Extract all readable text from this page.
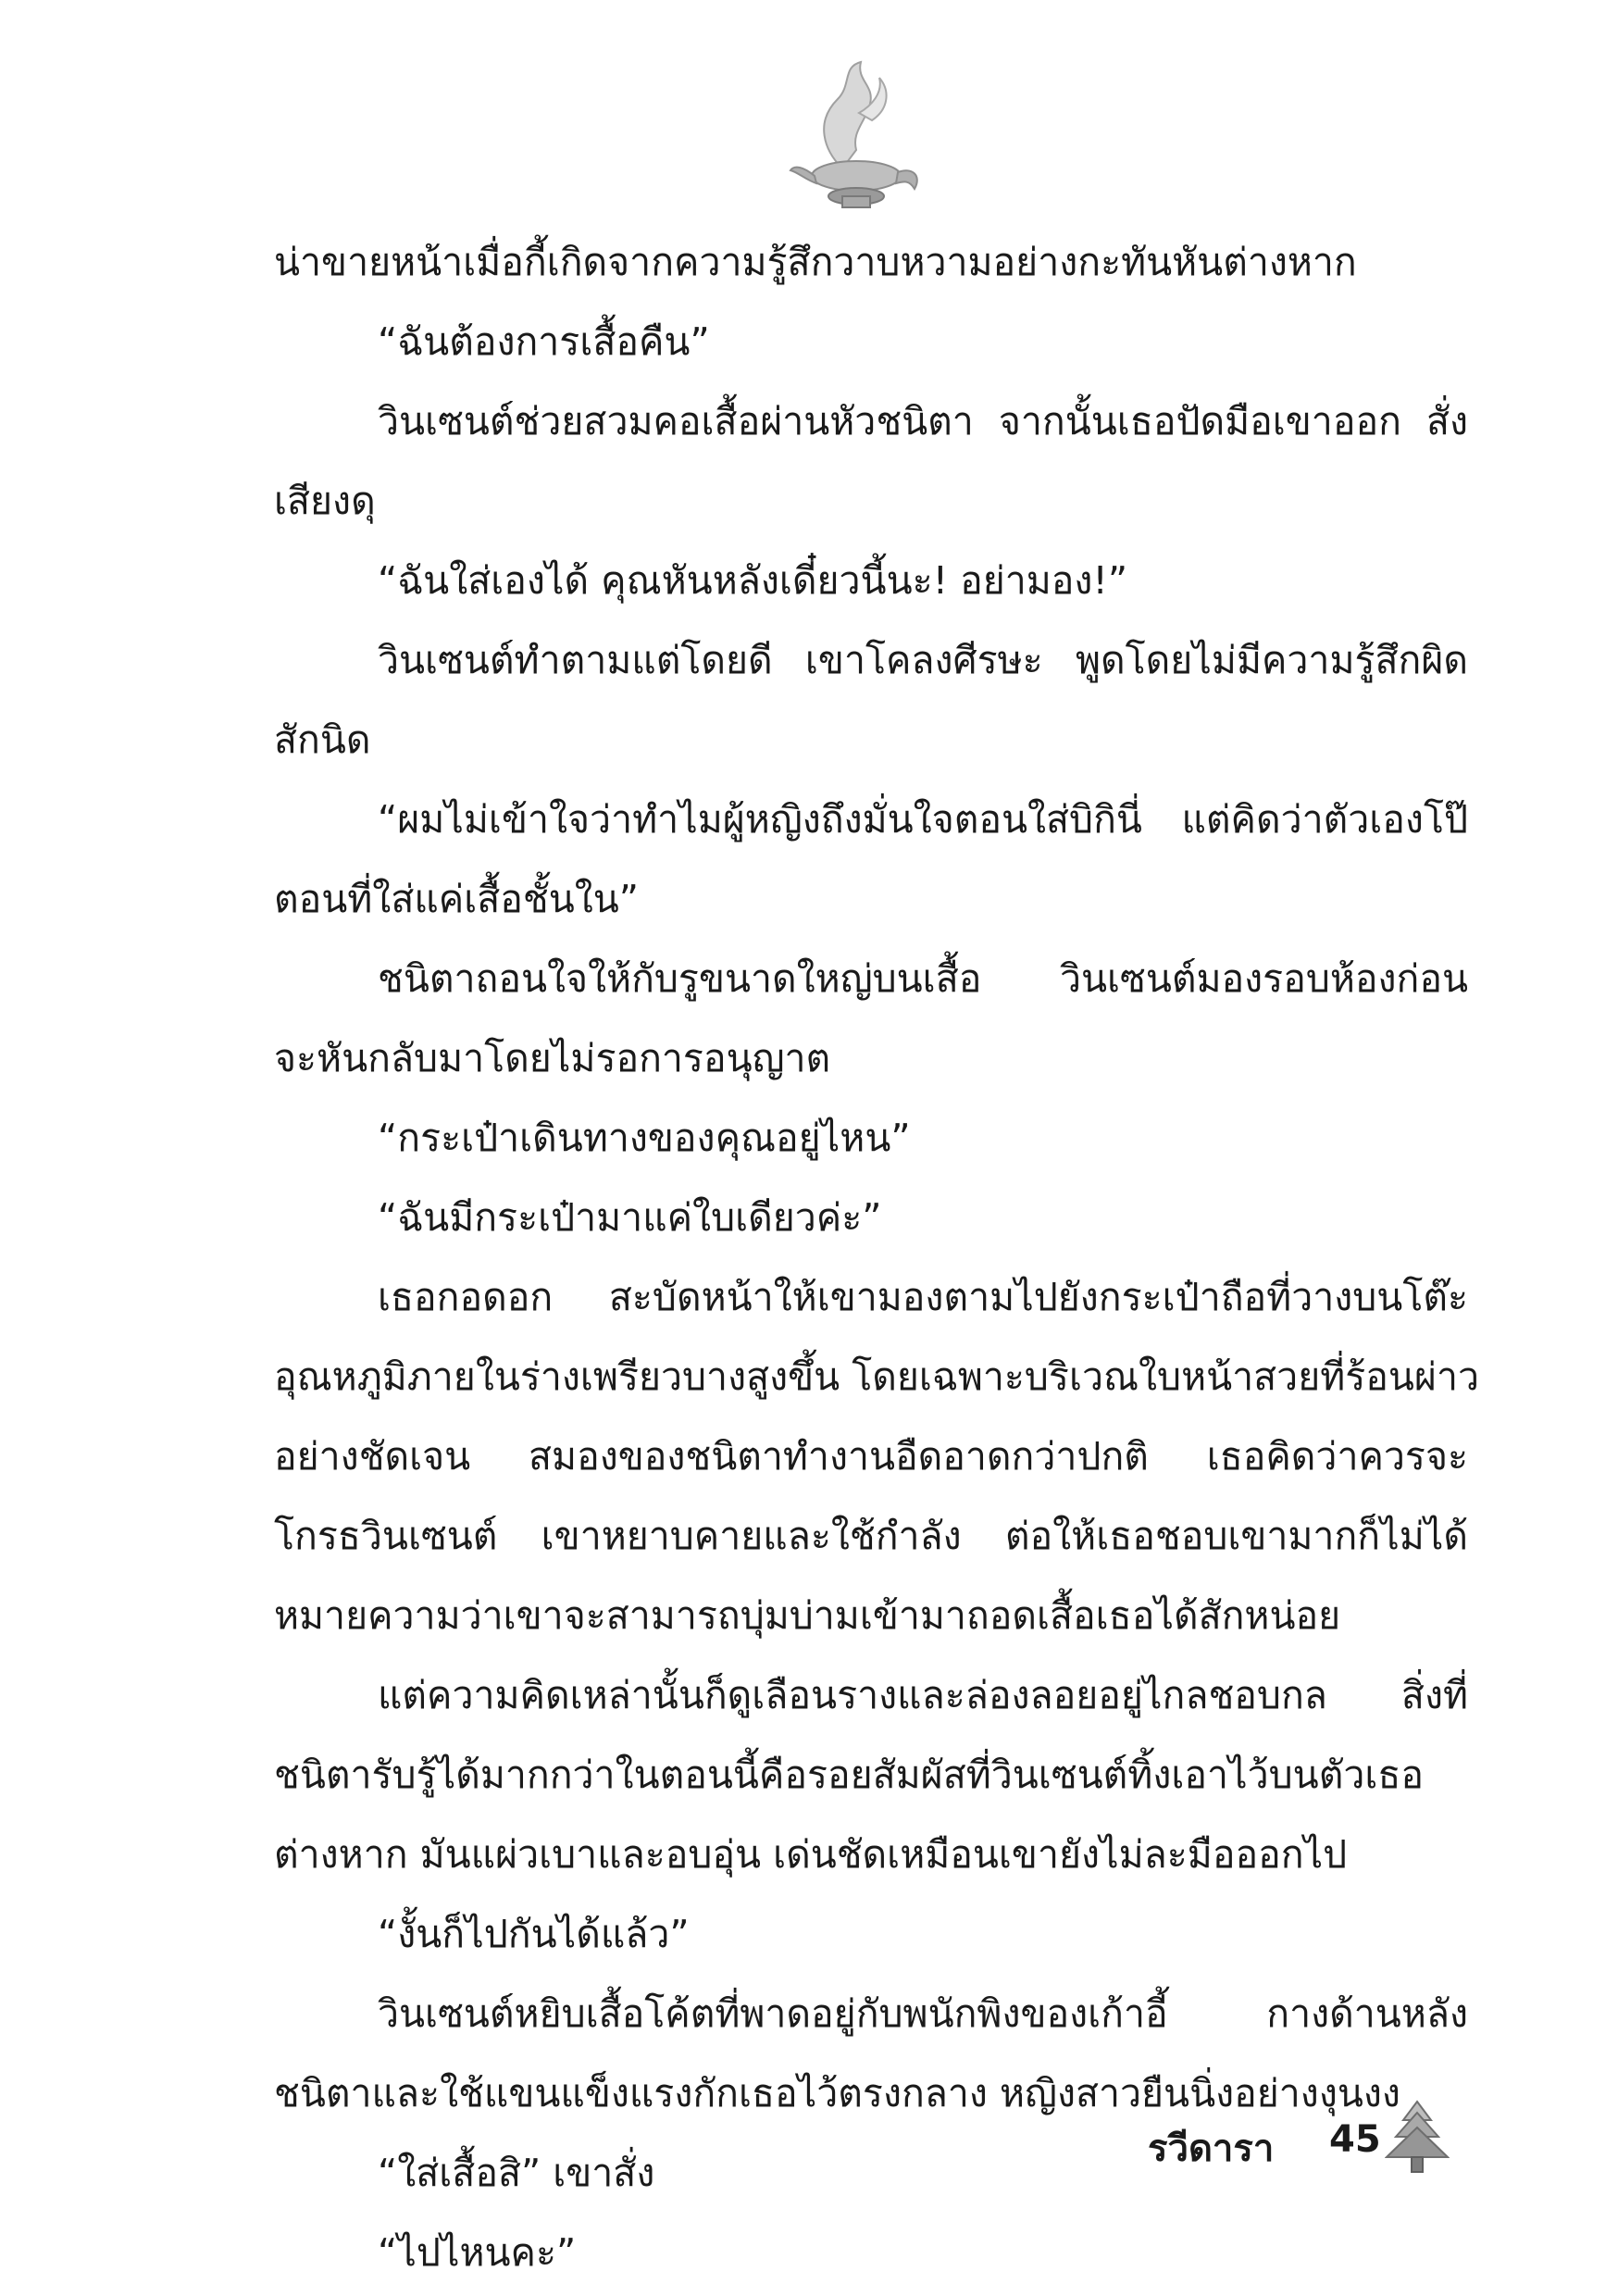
น่าขายหน้าเมื่อกี้เกิดจากความรู้สึกวาบหวามอย่างกะทันหันต่างหาก
“ฉันต้องการเสื้อคืน”
วินเซนต์ช่วยสวมคอเสื้อผ่านหัวชนิตา จากนั้นเธอปัดมือเขาออก สั่ง
เสียงดุ
“ฉันใส่เองได้ คุณหันหลังเดี๋ยวนี้นะ! อย่ามอง!”
วินเซนต์ทำตามแต่โดยดี เขาโคลงศีรษะ พูดโดยไม่มีความรู้สึกผิด
สักนิด
“ผมไม่เข้าใจว่าทำไมผู้หญิงถึงมั่นใจตอนใส่บิกินี่ แต่คิดว่าตัวเองโป๊
ตอนที่ใส่แค่เสื้อชั้นใน”
ชนิตาถอนใจให้กับรูขนาดใหญ่บนเสื้อ วินเซนต์มองรอบห้องก่อน
จะหันกลับมาโดยไม่รอการอนุญาต
“กระเป๋าเดินทางของคุณอยู่ไหน”
“ฉันมีกระเป๋ามาแค่ใบเดียวค่ะ”
เธอกอดอก สะบัดหน้าให้เขามองตามไปยังกระเป๋าถือที่วางบนโต๊ะ
อุณหภูมิภายในร่างเพรียวบางสูงขึ้น โดยเฉพาะบริเวณใบหน้าสวยที่ร้อนผ่าว
อย่างชัดเจน สมองของชนิตาทำงานอืดอาดกว่าปกติ เธอคิดว่าควรจะ
โกรธวินเซนต์ เขาหยาบคายและใช้กำลัง ต่อให้เธอชอบเขามากก็ไม่ได้
หมายความว่าเขาจะสามารถบุ่มบ่ามเข้ามาถอดเสื้อเธอได้สักหน่อย
แต่ความคิดเหล่านั้นก็ดูเลือนรางและล่องลอยอยู่ไกลชอบกล สิ่งที่
ชนิตารับรู้ได้มากกว่าในตอนนี้คือรอยสัมผัสที่วินเซนต์ทิ้งเอาไว้บนตัวเธอ
ต่างหาก มันแผ่วเบาและอบอุ่น เด่นชัดเหมือนเขายังไม่ละมือออกไป
“งั้นก็ไปกันได้แล้ว”
วินเซนต์หยิบเสื้อโค้ตที่พาดอยู่กับพนักพิงของเก้าอี้ กางด้านหลัง
ชนิตาและใช้แขนแข็งแรงกักเธอไว้ตรงกลาง หญิงสาวยืนนิ่งอย่างงุนงง
“ใส่เสื้อสิ” เขาสั่ง
“ไปไหนคะ”
รวีดารา 45
